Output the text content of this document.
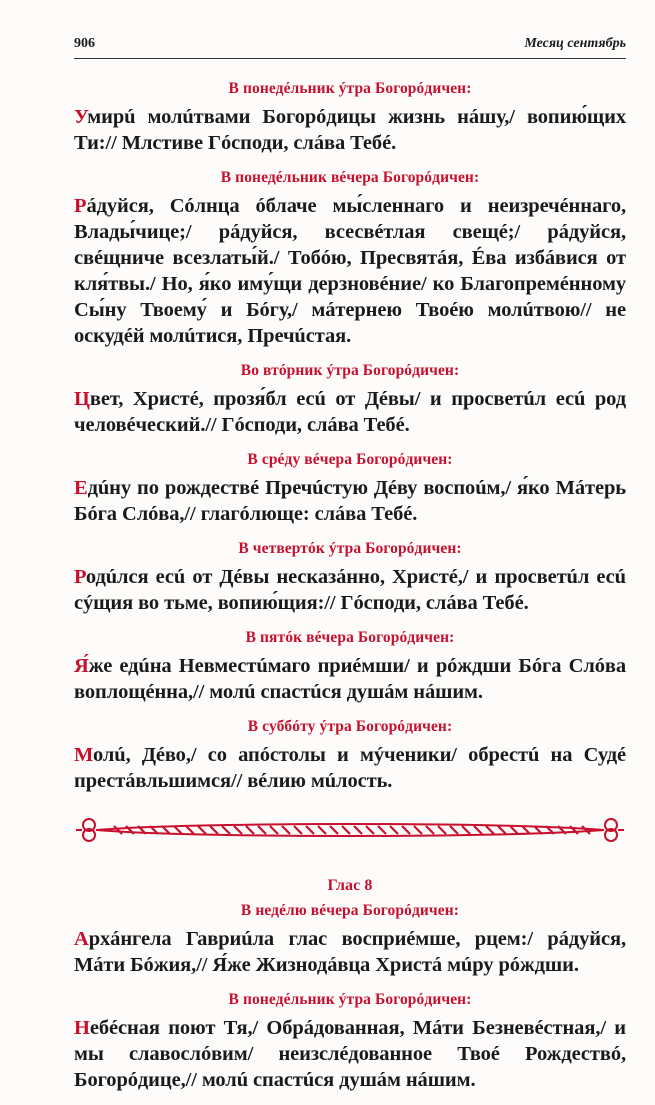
906	Месяц сентябрь
В понедéльник ýтра Богорóдичен:
Умирú молúтвами Богорóдицы жизнь нáшу,/ вопию́щих Ти:// Млстиве Гóсподи, слáва Тебé.
В понедéльник вéчера Богорóдичен:
Рáдуйся, Сóлнца óблаче мы́сленнаго и неизречéннаго, Влады́чице;/ рáдуйся, всесвéтлая свещé;/ рáдуйся, свéщниче всезлаты́й./ Тобóю, Пресвятáя, Éва избáвися от кля́твы./ Но, я́ко иму́щи дерзновéние/ ко Благопремéнному Сы́ну Твоему́ и Бóгу,/ мáтернею Твоéю молúтвою// не оскудéй молúтися, Пречúстая.
Во втóрник ýтра Богорóдичен:
Цвет, Христé, прозя́бл есú от Дéвы/ и просветúл есú род человéческий.// Гóсподи, слáва Тебé.
В срéду вéчера Богорóдичен:
Едúну по рождествé Пречúстую Дéву воспоúм,/ я́ко Мáтерь Бóга Слóва,// глагóлюще: слáва Тебé.
В четвертóк ýтра Богорóдичен:
Родúлся есú от Дéвы несказáнно, Христé,/ и просветúл есú сýщия во тьме, вопию́щия:// Гóсподи, слáва Тебé.
В пятóк вéчера Богорóдичен:
Я́же едúна Невместúмаго приéмши/ и рóждши Бóга Слóва воплощéнна,// молú спастúся душáм нáшим.
В суббóту ýтра Богорóдичен:
Молú, Дéво,/ со апóстолы и мýченики/ обрестú на Судé престáвльшимся// вéлию мúлость.
Глас 8
В недéлю вéчера Богорóдичен:
Архáнгела Гавриúла глас восприéмше, рцем:/ рáдуйся, Мáти Бóжия,// Я́же Жизнодáвца Христá мúру рóждши.
В понедéльник ýтра Богорóдичен:
Небéсная поют Тя,/ Обрáдованная, Мáти Безневéстная,/ и мы славослóвим/ неизслéдованное Твоé Рождествó, Богорóдице,// молú спастúся душáм нáшим.
